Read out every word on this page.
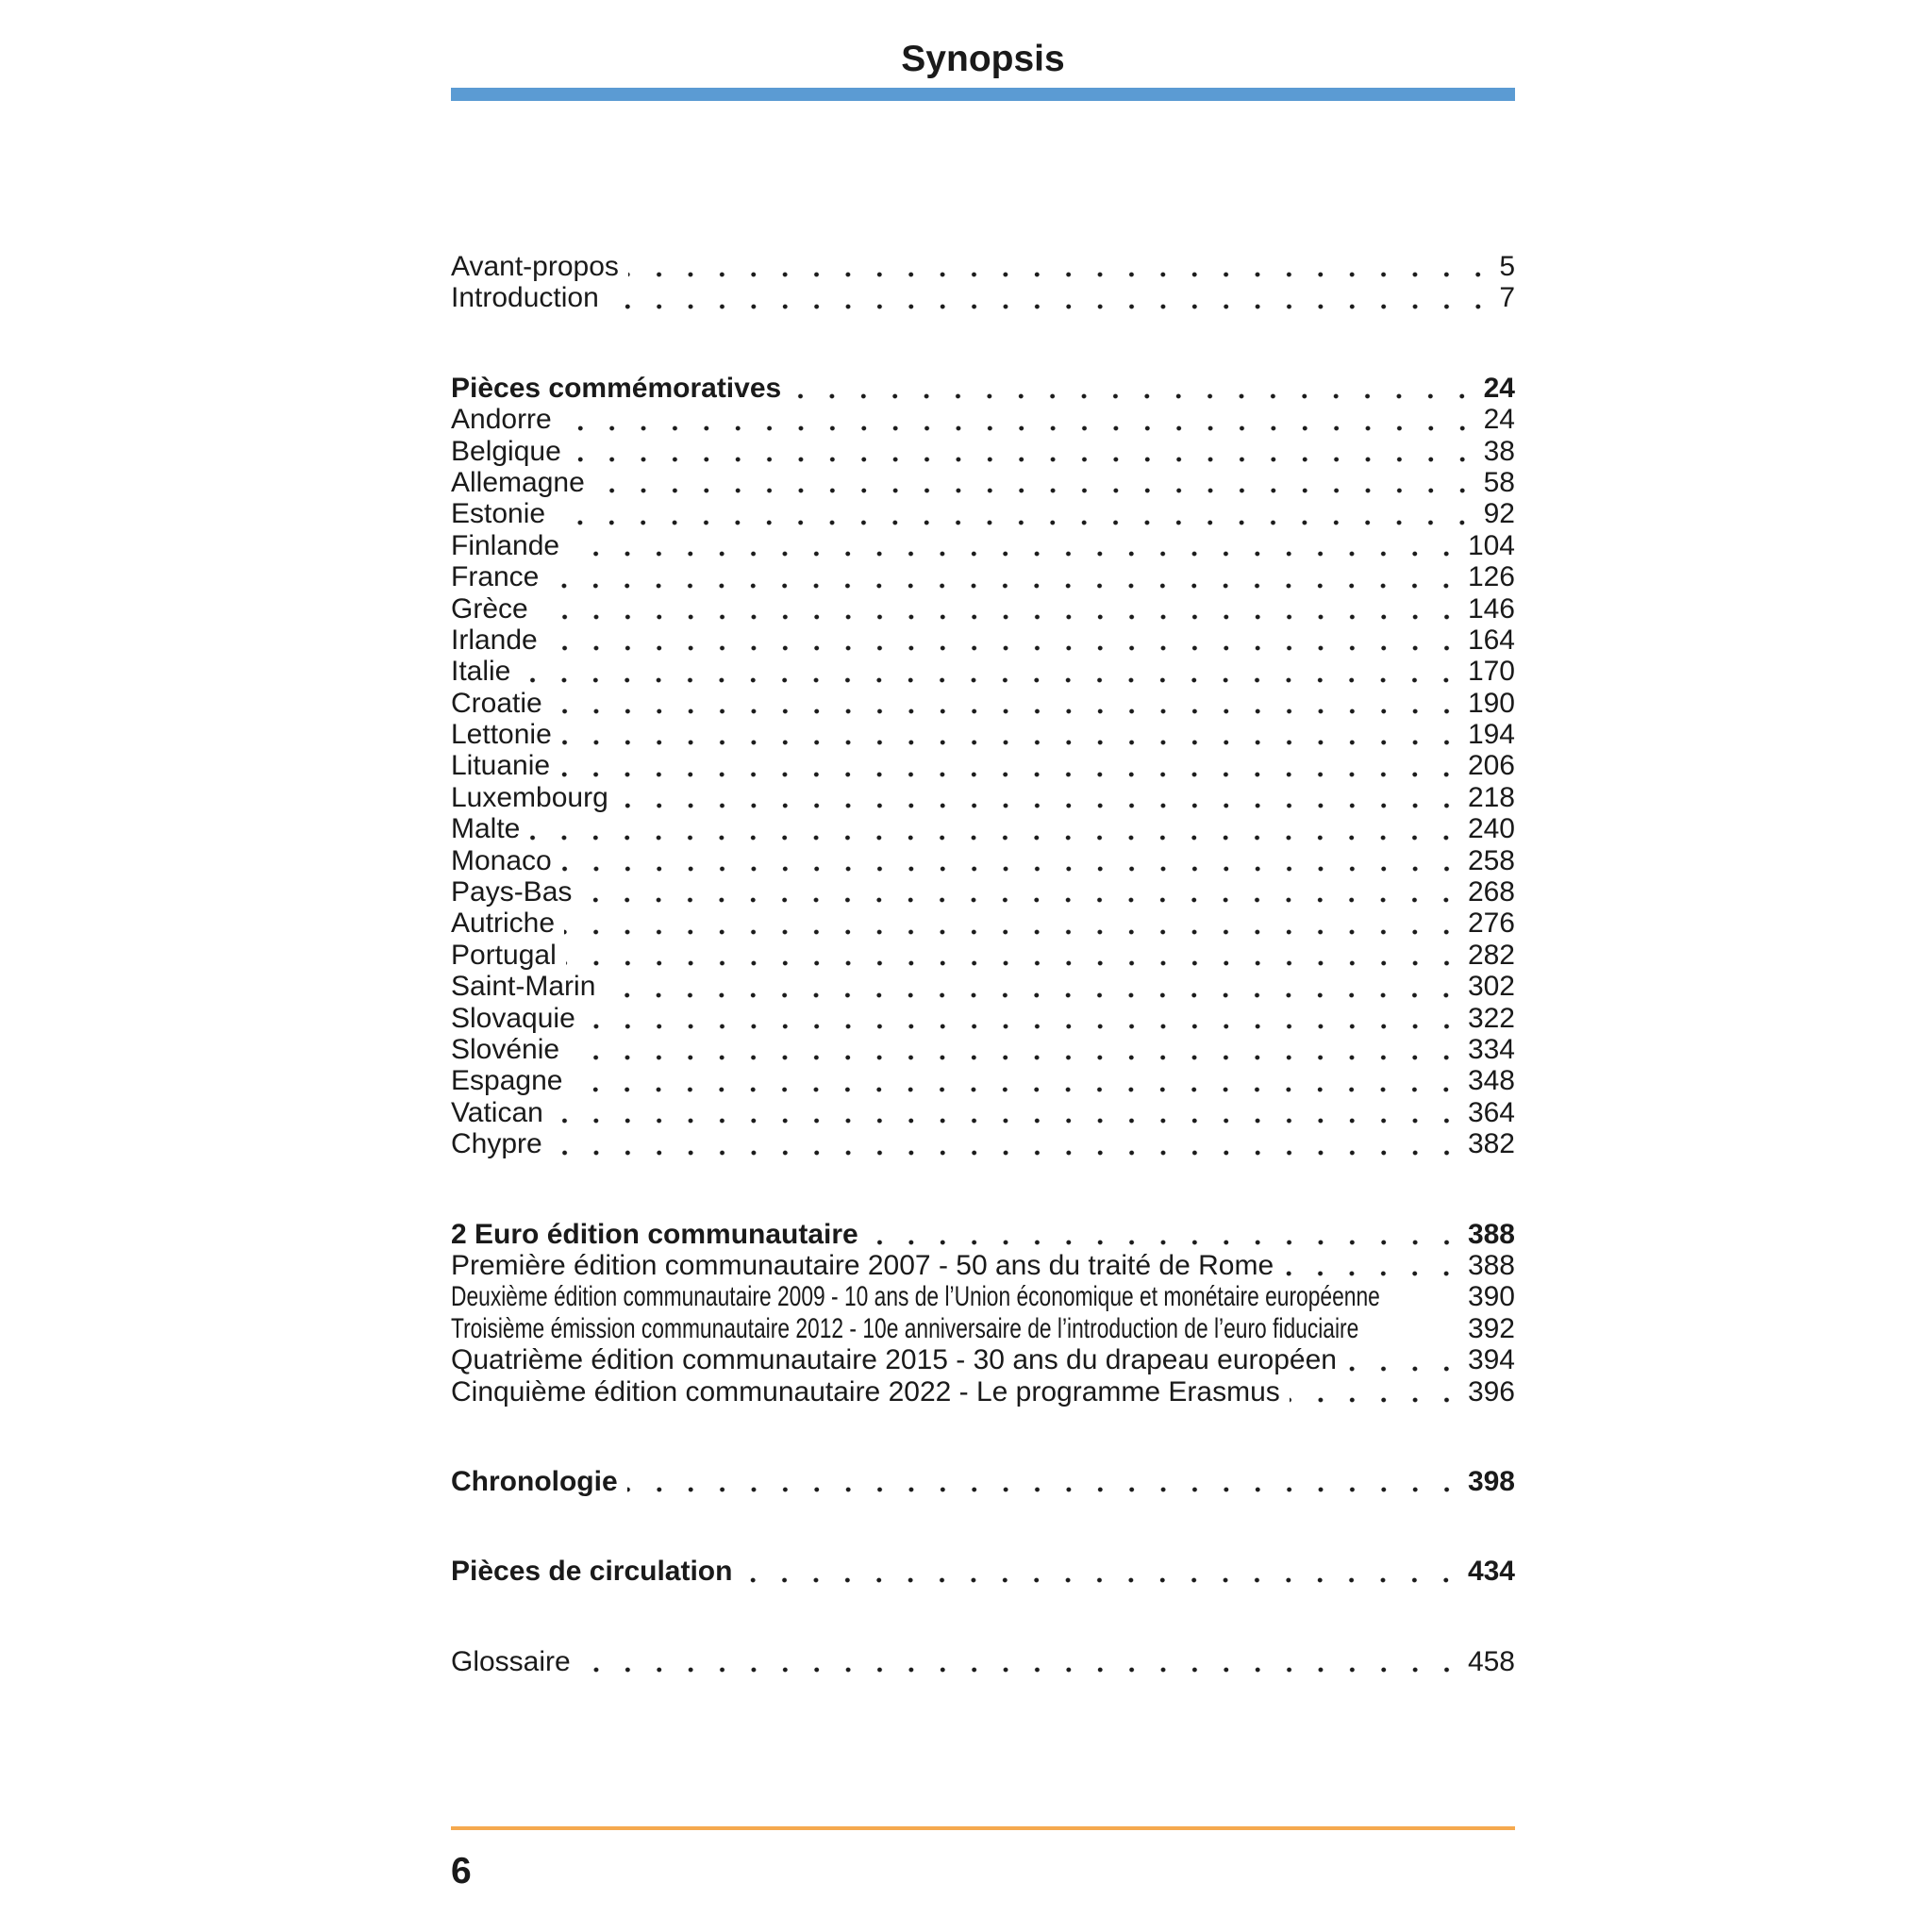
Synopsis
Avant-propos	5
Introduction	7
Pièces commémoratives	24
Andorre	24
Belgique	38
Allemagne	58
Estonie	92
Finlande	104
France	126
Grèce	146
Irlande	164
Italie	170
Croatie	190
Lettonie	194
Lituanie	206
Luxembourg	218
Malte	240
Monaco	258
Pays-Bas	268
Autriche	276
Portugal	282
Saint-Marin	302
Slovaquie	322
Slovénie	334
Espagne	348
Vatican	364
Chypre	382
2 Euro édition communautaire	388
Première édition communautaire 2007 - 50 ans du traité de Rome	388
Deuxième édition communautaire 2009 - 10 ans de l’Union économique et monétaire européenne	390
Troisième émission communautaire 2012 - 10e anniversaire de l’introduction de l’euro fiduciaire	392
Quatrième édition communautaire 2015 - 30 ans du drapeau européen	394
Cinquième édition communautaire 2022 - Le programme Erasmus	396
Chronologie	398
Pièces de circulation	434
Glossaire	458
6
